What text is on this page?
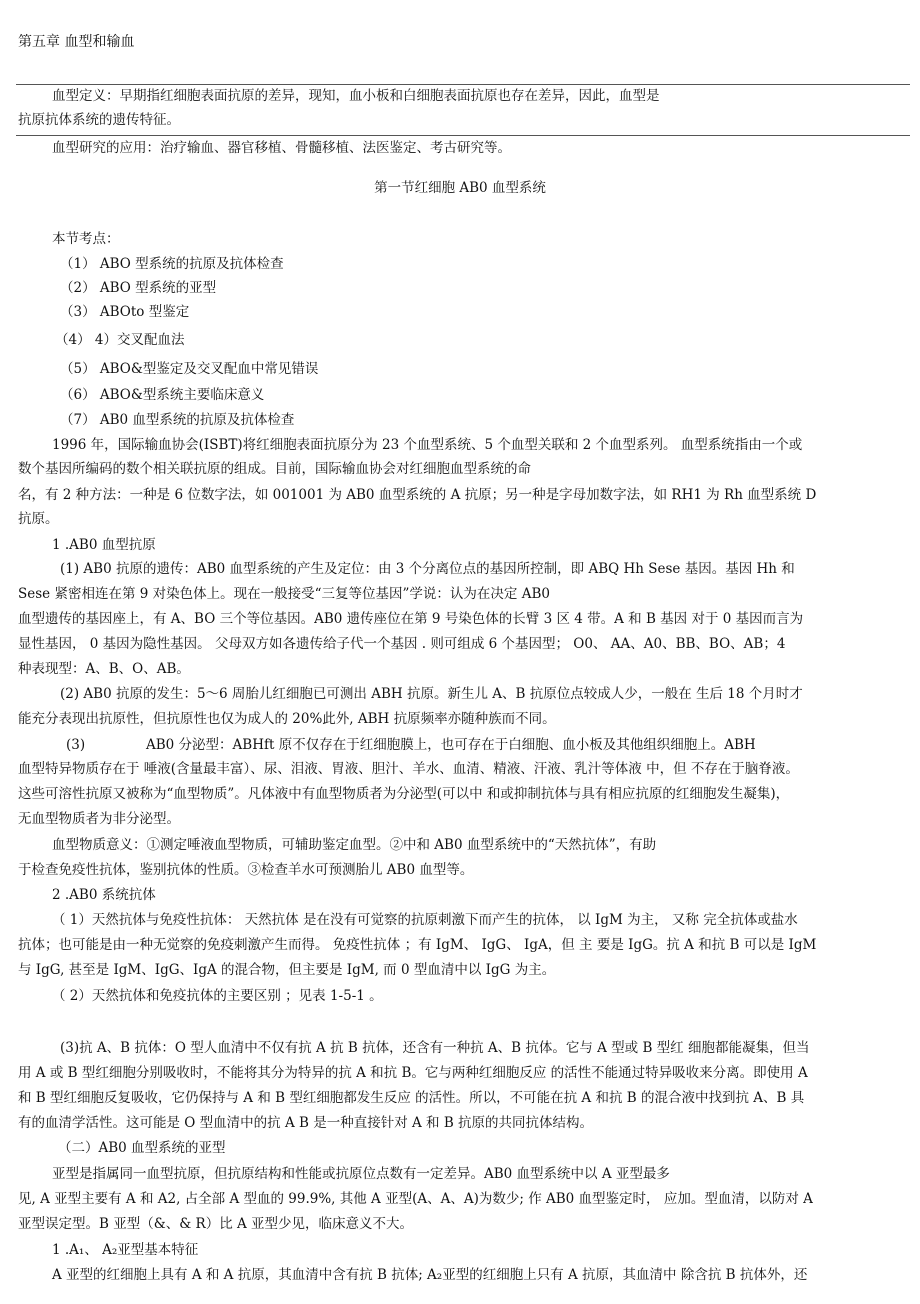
第五章 血型和输血
血型定义：早期指红细胞表面抗原的差异，现知，血小板和白细胞表面抗原也存在差异，因此，血型是
抗原抗体系统的遗传特征。
血型研究的应用：治疗输血、器官移植、骨髓移植、法医鉴定、考古研究等。
第一节红细胞 AB0 血型系统
本节考点：
（1） ABO 型系统的抗原及抗体检查
（2） ABO 型系统的亚型
（3） ABOto 型鉴定
（4） 4）交叉配血法
（5） ABO&型鉴定及交叉配血中常见错误
（6） ABO&型系统主要临床意义
（7） AB0 血型系统的抗原及抗体检查
1996 年，国际输血协会(ISBT)将红细胞表面抗原分为 23 个血型系统、5 个血型关联和 2 个血型系列。 血型系统指由一个或
数个基因所编码的数个相关联抗原的组成。目前，国际输血协会对红细胞血型系统的命
名，有 2 种方法：一种是 6 位数字法，如 001001 为 AB0 血型系统的 A 抗原；另一种是字母加数字法，如 RH1 为 Rh 血型系统 D
抗原。
1 .AB0 血型抗原
(1) AB0 抗原的遗传：AB0 血型系统的产生及定位：由 3 个分离位点的基因所控制，即 ABQ Hh Sese 基因。基因 Hh 和
Sese 紧密相连在第 9 对染色体上。现在一般接受“三复等位基因”学说：认为在决定 AB0
血型遗传的基因座上，有 A、BO 三个等位基因。AB0 遗传座位在第 9 号染色体的长臂 3 区 4 带。A 和 B 基因 对于 0 基因而言为
显性基因， 0 基因为隐性基因。 父母双方如各遗传给子代一个基因 . 则可组成 6 个基因型； O0、 AA、A0、BB、BO、AB；4
种表现型：A、B、O、AB。
(2) AB0 抗原的发生：5～6 周胎儿红细胞已可测出 ABH 抗原。新生儿 A、B 抗原位点较成人少，一般在 生后 18 个月时才
能充分表现出抗原性，但抗原性也仅为成人的 20%此外, ABH 抗原频率亦随种族而不同。
(3)	AB0 分泌型：ABHft 原不仅存在于红细胞膜上，也可存在于白细胞、血小板及其他组织细胞上。ABH
血型特异物质存在于 唾液(含量最丰富）、尿、泪液、胃液、胆汁、羊水、血清、精液、汗液、乳汁等体液 中，但 不存在于脑脊液。
这些可溶性抗原又被称为“血型物质”。凡体液中有血型物质者为分泌型(可以中 和或抑制抗体与具有相应抗原的红细胞发生凝集)，
无血型物质者为非分泌型。
血型物质意义：①测定唾液血型物质，可辅助鉴定血型。②中和 AB0 血型系统中的“天然抗体”，有助
于检查免疫性抗体，鉴别抗体的性质。③检查羊水可预测胎儿 AB0 血型等。
2 .AB0 系统抗体
（ 1）天然抗体与免疫性抗体： 天然抗体 是在没有可觉察的抗原刺激下而产生的抗体， 以 IgM 为主， 又称 完全抗体或盐水
抗体；也可能是由一种无觉察的免疫刺激产生而得。 免疫性抗体 ；有 IgM、 IgG、 IgA，但 主 要是 IgG。抗 A 和抗 B 可以是 IgM
与 IgG, 甚至是 IgM、IgG、IgA 的混合物，但主要是 IgM, 而 0 型血清中以 IgG 为主。
（ 2）天然抗体和免疫抗体的主要区别 ；见表 1-5-1 。
(3)抗 A、B 抗体：O 型人血清中不仅有抗 A 抗 B 抗体，还含有一种抗 A、B 抗体。它与 A 型或 B 型红 细胞都能凝集，但当
用 A 或 B 型红细胞分别吸收时，不能将其分为特异的抗 A 和抗 B。它与两种红细胞反应 的活性不能通过特异吸收来分离。即使用 A
和 B 型红细胞反复吸收，它仍保持与 A 和 B 型红细胞都发生反应 的活性。所以，不可能在抗 A 和抗 B 的混合液中找到抗 A、B 具
有的血清学活性。这可能是 O 型血清中的抗 A B 是一种直接针对 A 和 B 抗原的共同抗体结构。
（二）AB0 血型系统的亚型
亚型是指属同一血型抗原，但抗原结构和性能或抗原位点数有一定差异。AB0 血型系统中以 A 亚型最多
见, A 亚型主要有 A 和 A2, 占全部 A 型血的 99.9%, 其他 A 亚型(A、A、A)为数少; 作 AB0 血型鉴定时， 应加。型血清，以防对 A
亚型误定型。B 亚型（&、& R）比 A 亚型少见，临床意义不大。
1 .A₁、 A₂亚型基本特征
A 亚型的红细胞上具有 A 和 A 抗原，其血清中含有抗 B 抗体; A₂亚型的红细胞上只有 A 抗原，其血清中 除含抗 B 抗体外，还
